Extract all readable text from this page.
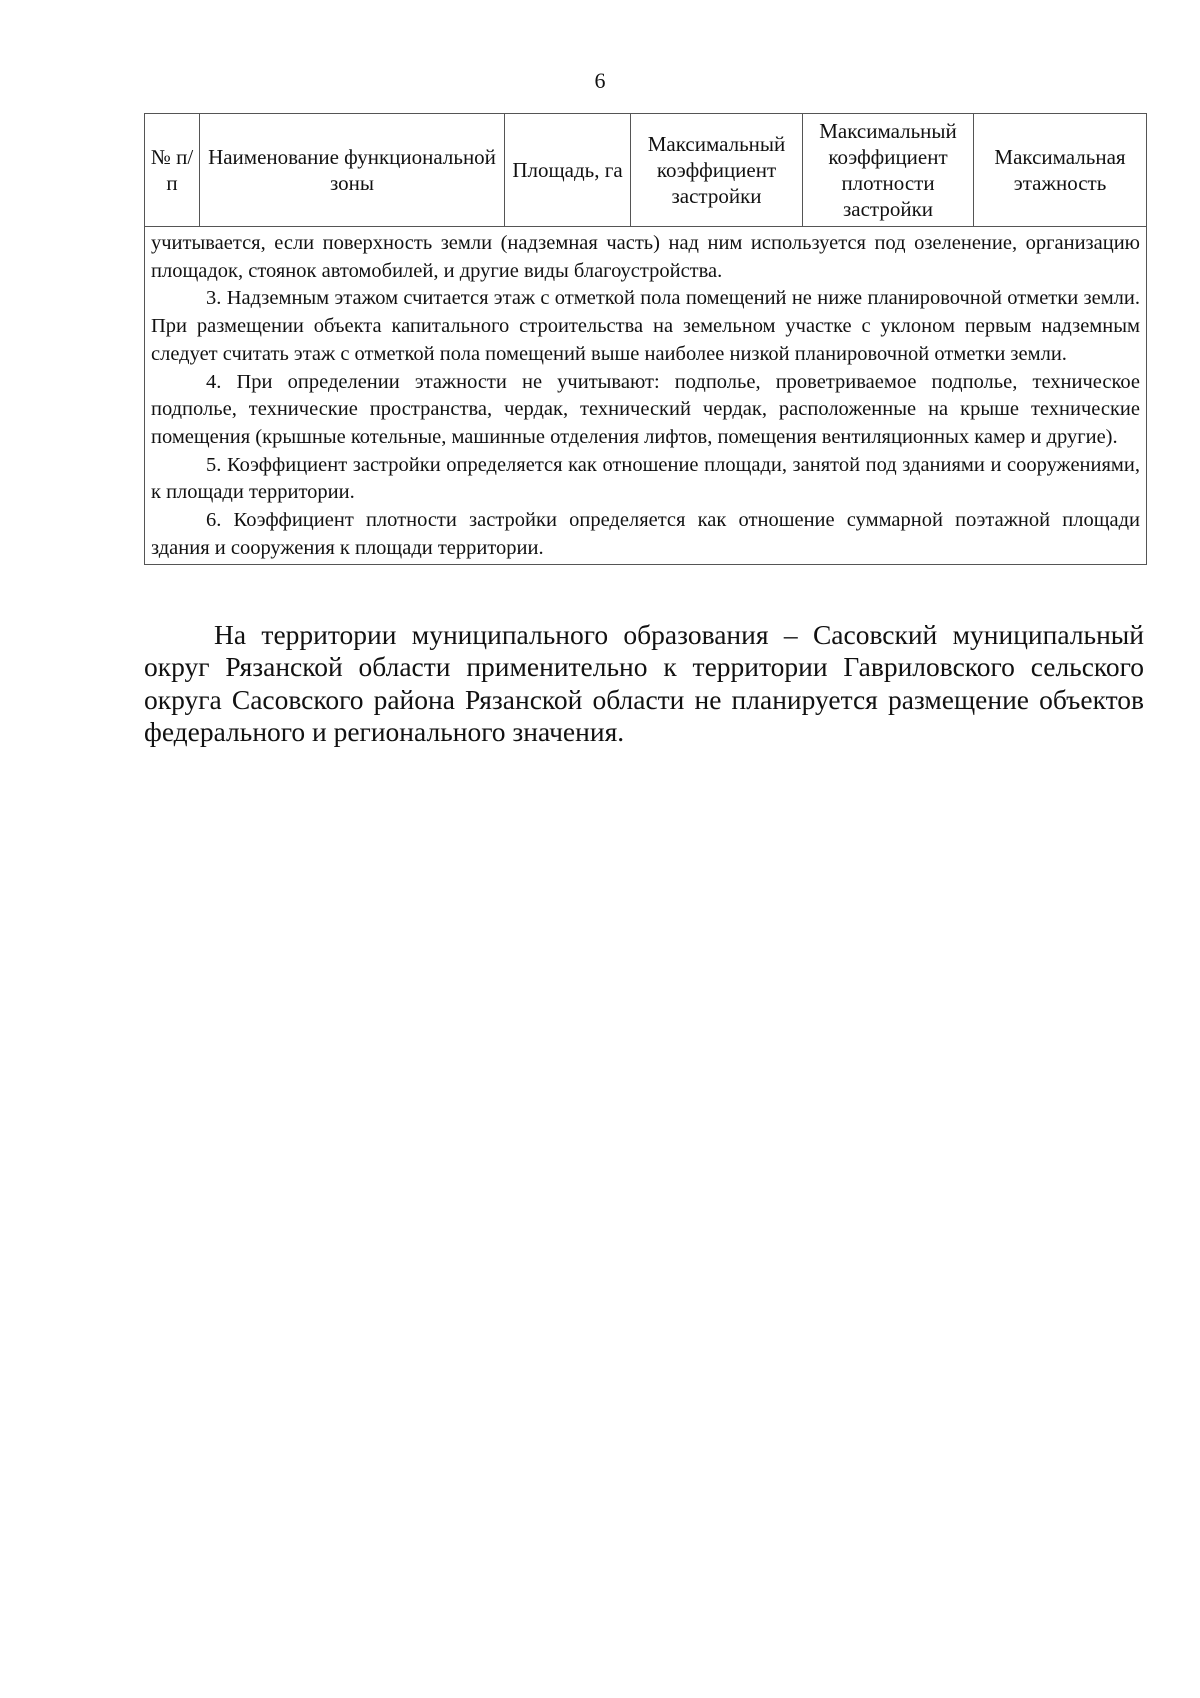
6
№ п/п	Наименование функциональной зоны	Площадь, га	Максимальный коэффициент застройки	Максимальный коэффициент плотности застройки	Максимальная этажность

учитывается, если поверхность земли (надземная часть) над ним используется под озеленение, организацию площадок, стоянок автомобилей, и другие виды благоустройства.

3. Надземным этажом считается этаж с отметкой пола помещений не ниже планировочной отметки земли. При размещении объекта капитального строительства на земельном участке с уклоном первым надземным следует считать этаж с отметкой пола помещений выше наиболее низкой планировочной отметки земли.

4. При определении этажности не учитывают: подполье, проветриваемое подполье, техническое подполье, технические пространства, чердак, технический чердак, расположенные на крыше технические помещения (крышные котельные, машинные отделения лифтов, помещения вентиляционных камер и другие).

5. Коэффициент застройки определяется как отношение площади, занятой под зданиями и сооружениями, к площади территории.

6. Коэффициент плотности застройки определяется как отношение суммарной поэтажной площади здания и сооружения к площади территории.

На территории муниципального образования – Сасовский муниципальный округ Рязанской области применительно к территории Гавриловского сельского округа Сасовского района Рязанской области не планируется размещение объектов федерального и регионального значения.
